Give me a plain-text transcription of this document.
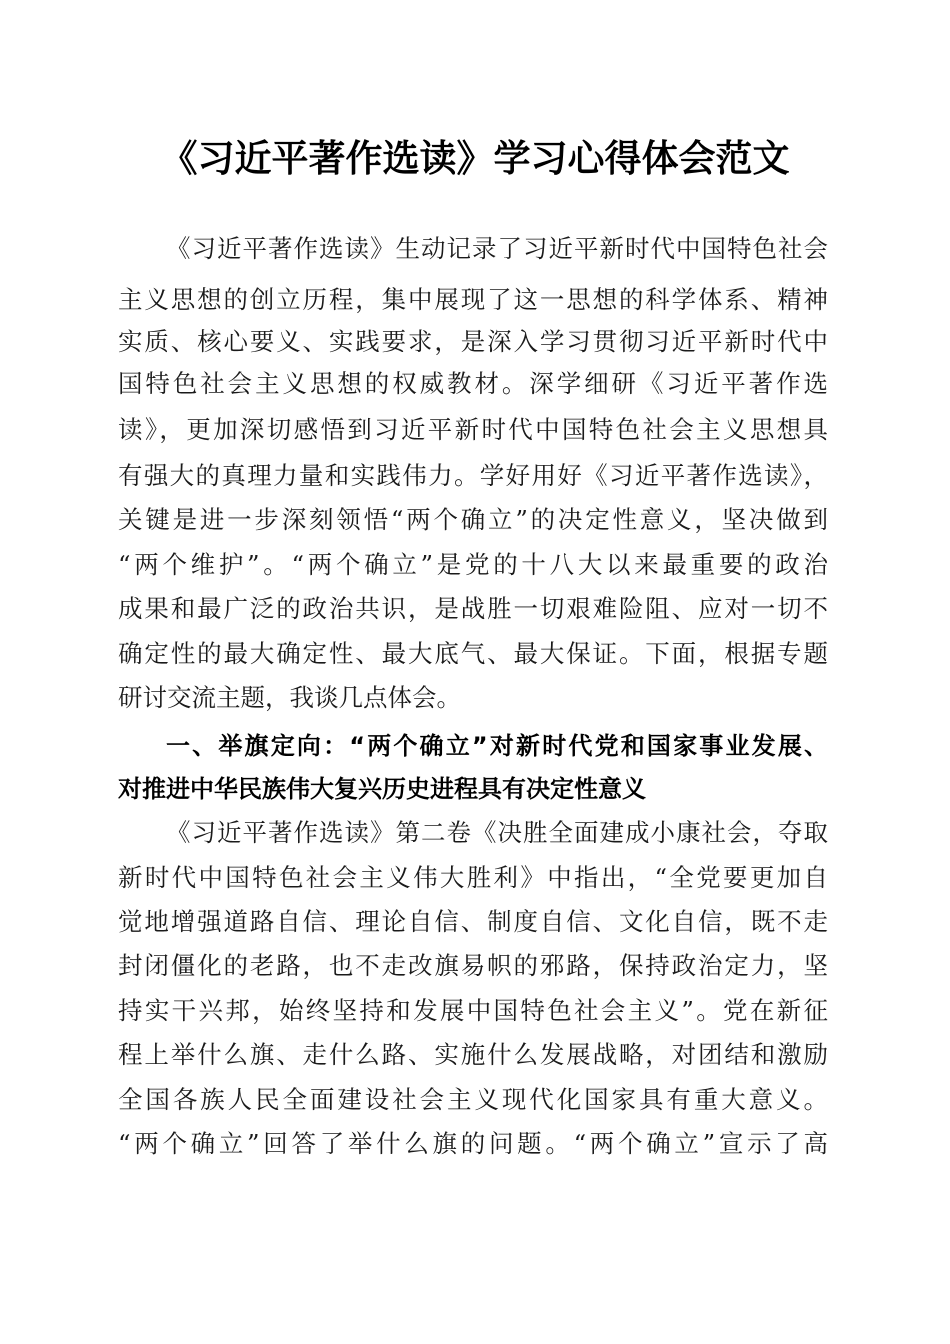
《习近平著作选读》学习心得体会范文
《习近平著作选读》生动记录了习近平新时代中国特色社会
主义思想的创立历程，集中展现了这一思想的科学体系、精神
实质、核心要义、实践要求，是深入学习贯彻习近平新时代中
国特色社会主义思想的权威教材。深学细研《习近平著作选
读》，更加深切感悟到习近平新时代中国特色社会主义思想具
有强大的真理力量和实践伟力。学好用好《习近平著作选读》，
关键是进一步深刻领悟“两个确立”的决定性意义，坚决做到
“两个维护”。“两个确立”是党的十八大以来最重要的政治
成果和最广泛的政治共识，是战胜一切艰难险阻、应对一切不
确定性的最大确定性、最大底气、最大保证。下面，根据专题
研讨交流主题，我谈几点体会。
一、举旗定向：“两个确立”对新时代党和国家事业发展、
对推进中华民族伟大复兴历史进程具有决定性意义
《习近平著作选读》第二卷《决胜全面建成小康社会，夺取
新时代中国特色社会主义伟大胜利》中指出，“全党要更加自
觉地增强道路自信、理论自信、制度自信、文化自信，既不走
封闭僵化的老路，也不走改旗易帜的邪路，保持政治定力，坚
持实干兴邦，始终坚持和发展中国特色社会主义”。党在新征
程上举什么旗、走什么路、实施什么发展战略，对团结和激励
全国各族人民全面建设社会主义现代化国家具有重大意义。
“两个确立”回答了举什么旗的问题。“两个确立”宣示了高
